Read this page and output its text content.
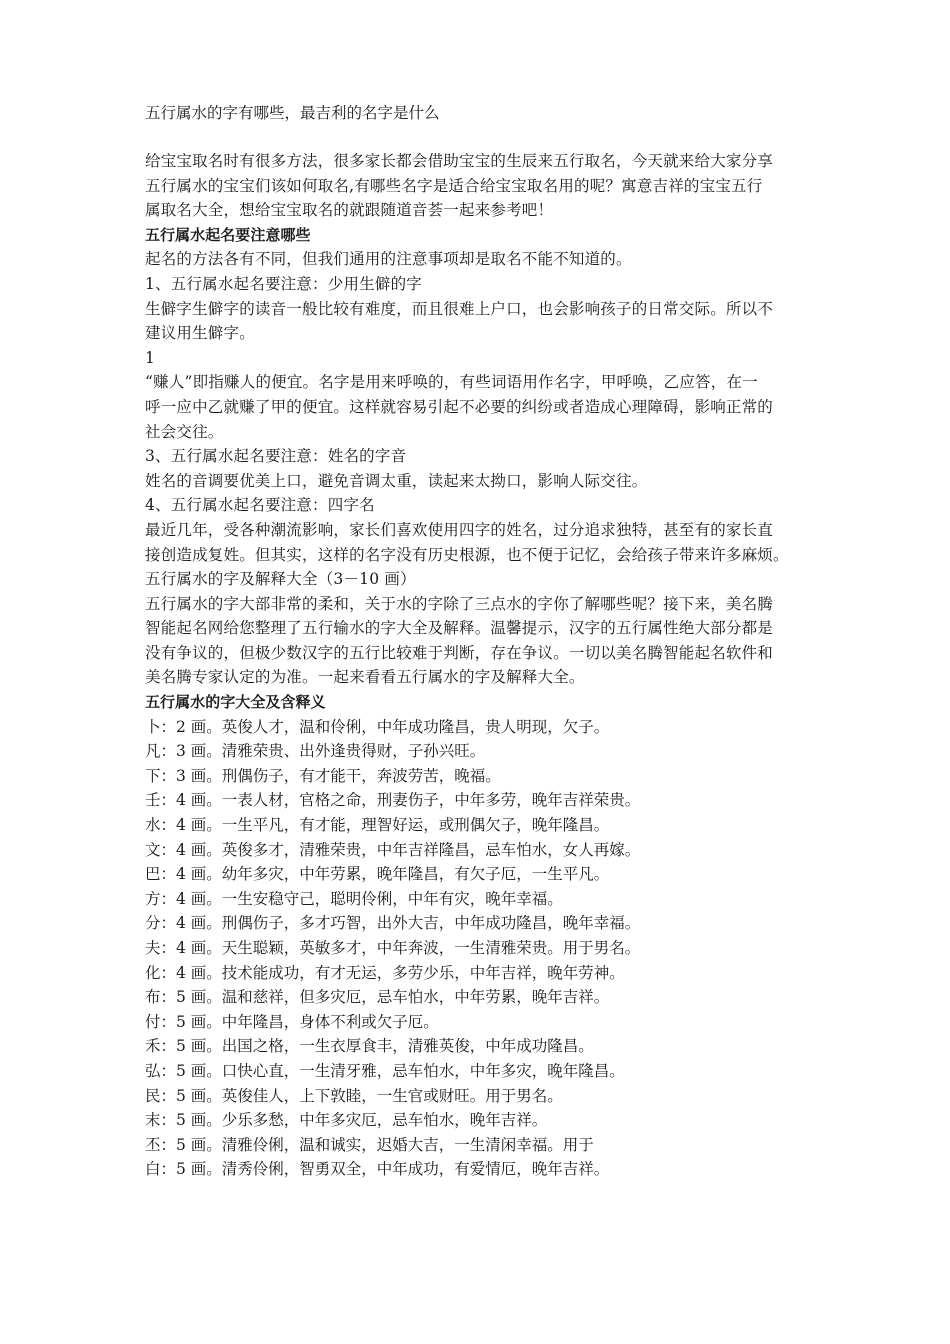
五行属水的字有哪些，最吉利的名字是什么

给宝宝取名时有很多方法，很多家长都会借助宝宝的生辰来五行取名，今天就来给大家分享

五行属水的宝宝们该如何取名,有哪些名字是适合给宝宝取名用的呢？寓意吉祥的宝宝五行

属取名大全，想给宝宝取名的就跟随道音荟一起来参考吧！

五行属水起名要注意哪些

起名的方法各有不同，但我们通用的注意事项却是取名不能不知道的。

1、五行属水起名要注意：少用生僻的字

生僻字生僻字的读音一般比较有难度，而且很难上户口，也会影响孩子的日常交际。所以不

建议用生僻字。

1

“赚人”即指赚人的便宜。名字是用来呼唤的，有些词语用作名字，甲呼唤，乙应答，在一

呼一应中乙就赚了甲的便宜。这样就容易引起不必要的纠纷或者造成心理障碍，影响正常的

社会交往。

3、五行属水起名要注意：姓名的字音

姓名的音调要优美上口，避免音调太重，读起来太拗口，影响人际交往。

4、五行属水起名要注意：四字名

最近几年，受各种潮流影响，家长们喜欢使用四字的姓名，过分追求独特，甚至有的家长直

接创造成复姓。但其实，这样的名字没有历史根源，也不便于记忆，会给孩子带来许多麻烦。

五行属水的字及解释大全（3－10 画）

五行属水的字大部非常的柔和，关于水的字除了三点水的字你了解哪些呢？接下来，美名腾

智能起名网给您整理了五行输水的字大全及解释。温馨提示，汉字的五行属性绝大部分都是

没有争议的，但极少数汉字的五行比较难于判断，存在争议。一切以美名腾智能起名软件和

美名腾专家认定的为准。一起来看看五行属水的字及解释大全。

五行属水的字大全及含释义

卜：2 画。英俊人才，温和伶俐，中年成功隆昌，贵人明现，欠子。

凡：3 画。清雅荣贵、出外逢贵得财，子孙兴旺。

下：3 画。刑偶伤子，有才能干，奔波劳苦，晚福。

壬：4 画。一表人材，官格之命，刑妻伤子，中年多劳，晚年吉祥荣贵。

水：4 画。一生平凡，有才能，理智好运，或刑偶欠子，晚年隆昌。

文：4 画。英俊多才，清雅荣贵，中年吉祥隆昌，忌车怕水，女人再嫁。

巴：4 画。幼年多灾，中年劳累，晚年隆昌，有欠子厄，一生平凡。

方：4 画。一生安稳守己，聪明伶俐，中年有灾，晚年幸福。

分：4 画。刑偶伤子，多才巧智，出外大吉，中年成功隆昌，晚年幸福。

夫：4 画。天生聪颖，英敏多才，中年奔波，一生清雅荣贵。用于男名。

化：4 画。技术能成功，有才无运，多劳少乐，中年吉祥，晚年劳神。

布：5 画。温和慈祥，但多灾厄，忌车怕水，中年劳累，晚年吉祥。

付：5 画。中年隆昌，身体不利或欠子厄。

禾：5 画。出国之格，一生衣厚食丰，清雅英俊，中年成功隆昌。

弘：5 画。口快心直，一生清牙雅，忌车怕水，中年多灾，晚年隆昌。

民：5 画。英俊佳人，上下敦睦，一生官或财旺。用于男名。

末：5 画。少乐多愁，中年多灾厄，忌车怕水，晚年吉祥。

丕：5 画。清雅伶俐，温和诚实，迟婚大吉，一生清闲幸福。用于

白：5 画。清秀伶俐，智勇双全，中年成功，有爱情厄，晚年吉祥。
